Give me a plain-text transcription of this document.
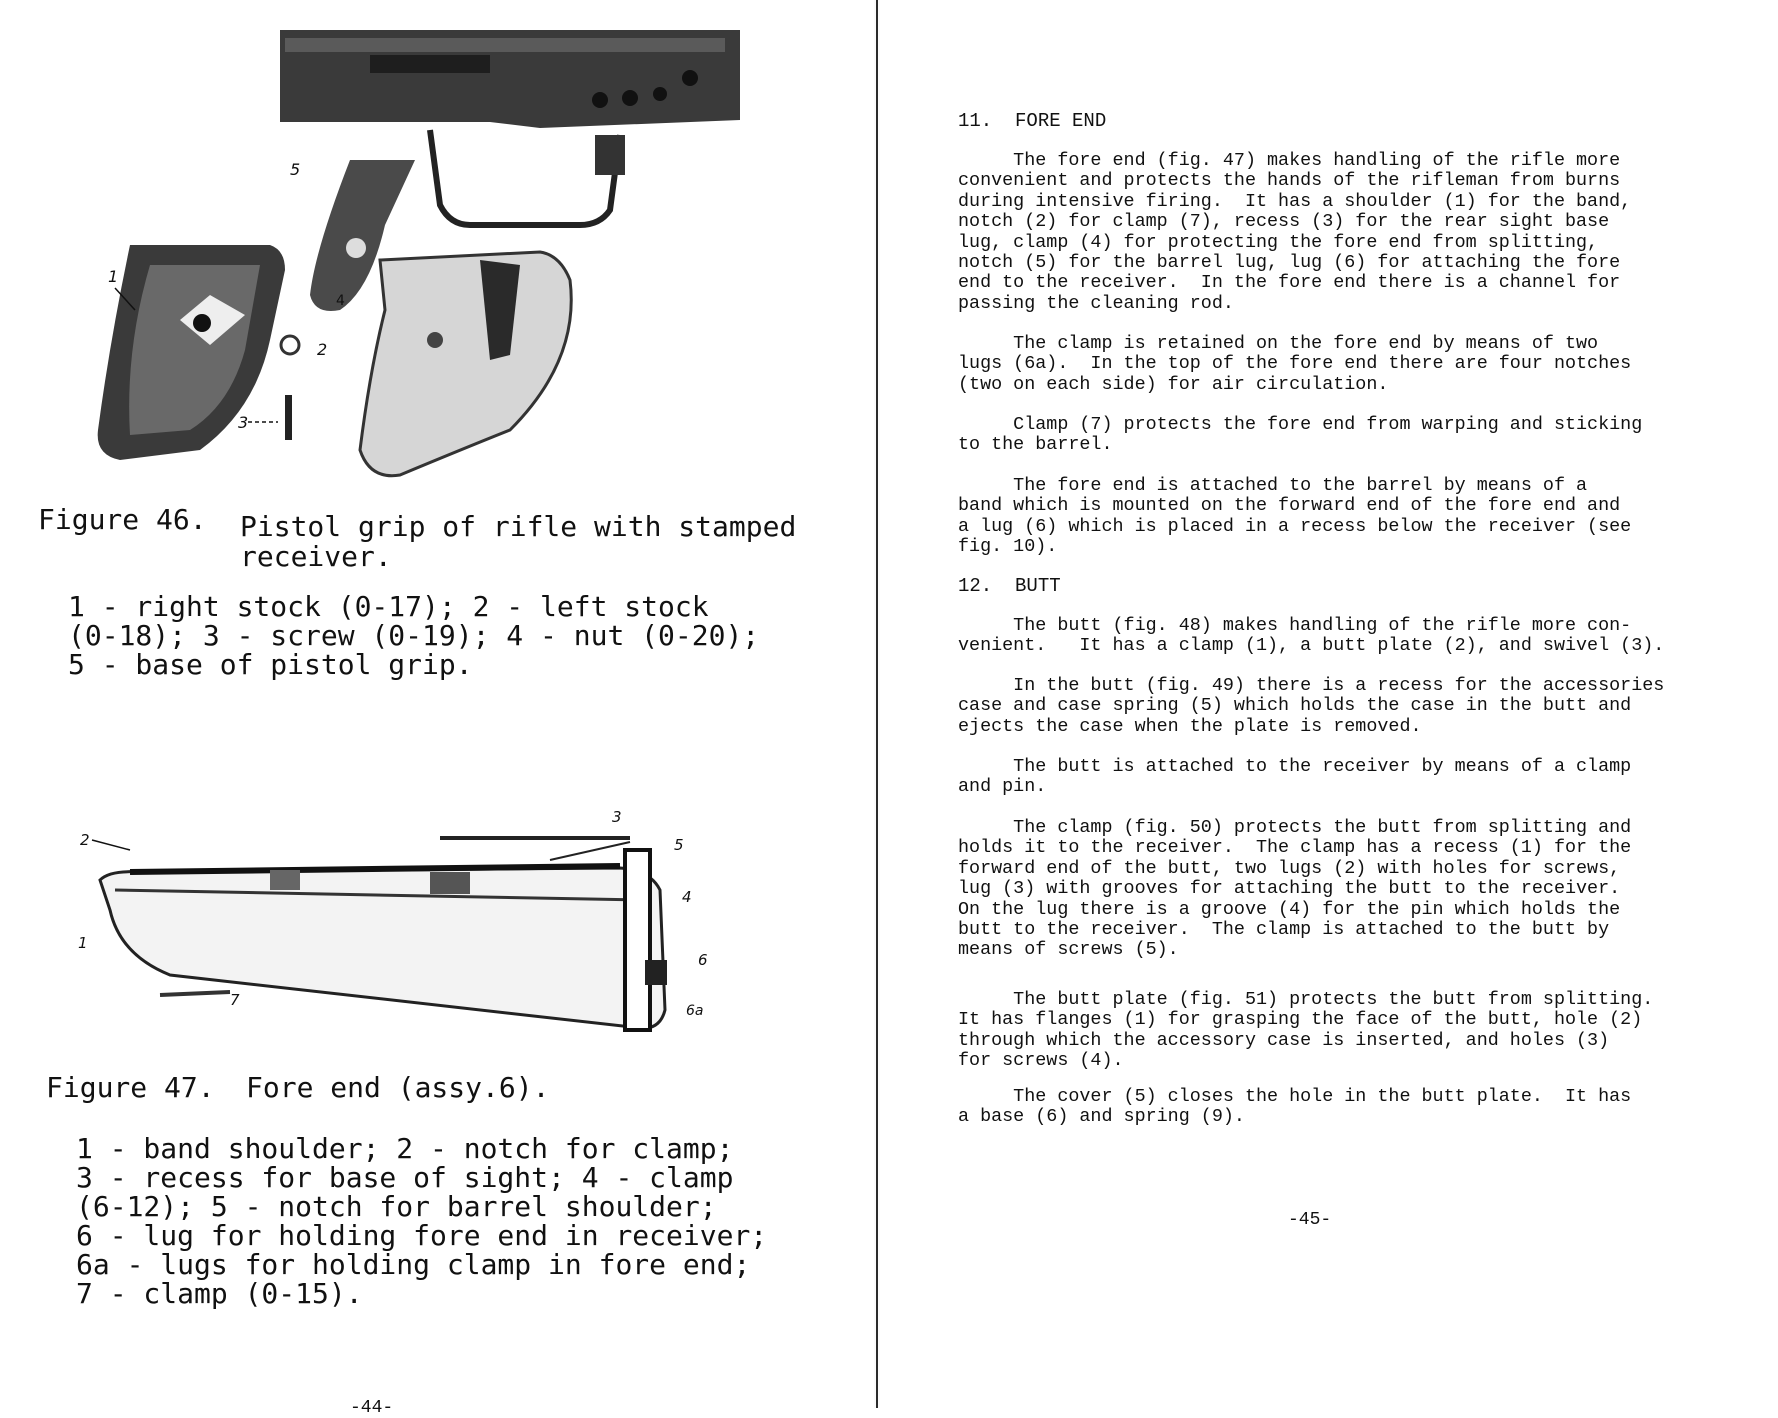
5
1
4
2
3
Figure 46. Pistol grip of rifle with stamped
receiver.
1 - right stock (0-17); 2 - left stock
(0-18); 3 - screw (0-19); 4 - nut (0-20);
5 - base of pistol grip.
2
3
5
4
6
6a
1
7
Figure 47. Fore end (assy.6).
1 - band shoulder; 2 - notch for clamp;
3 - recess for base of sight; 4 - clamp
(6-12); 5 - notch for barrel shoulder;
6 - lug for holding fore end in receiver;
6a - lugs for holding clamp in fore end;
7 - clamp (0-15).
-44-
11.  FORE END
The fore end (fig. 47) makes handling of the rifle more
convenient and protects the hands of the rifleman from burns
during intensive firing.  It has a shoulder (1) for the band,
notch (2) for clamp (7), recess (3) for the rear sight base
lug, clamp (4) for protecting the fore end from splitting,
notch (5) for the barrel lug, lug (6) for attaching the fore
end to the receiver.  In the fore end there is a channel for
passing the cleaning rod.
The clamp is retained on the fore end by means of two
lugs (6a).  In the top of the fore end there are four notches
(two on each side) for air circulation.
Clamp (7) protects the fore end from warping and sticking
to the barrel.
The fore end is attached to the barrel by means of a
band which is mounted on the forward end of the fore end and
a lug (6) which is placed in a recess below the receiver (see
fig. 10).
12.  BUTT
The butt (fig. 48) makes handling of the rifle more con-
venient.   It has a clamp (1), a butt plate (2), and swivel (3).
In the butt (fig. 49) there is a recess for the accessories
case and case spring (5) which holds the case in the butt and
ejects the case when the plate is removed.
The butt is attached to the receiver by means of a clamp
and pin.
The clamp (fig. 50) protects the butt from splitting and
holds it to the receiver.  The clamp has a recess (1) for the
forward end of the butt, two lugs (2) with holes for screws,
lug (3) with grooves for attaching the butt to the receiver.
On the lug there is a groove (4) for the pin which holds the
butt to the receiver.  The clamp is attached to the butt by
means of screws (5).
The butt plate (fig. 51) protects the butt from splitting.
It has flanges (1) for grasping the face of the butt, hole (2)
through which the accessory case is inserted, and holes (3)
for screws (4).
The cover (5) closes the hole in the butt plate.  It has
a base (6) and spring (9).
-45-
